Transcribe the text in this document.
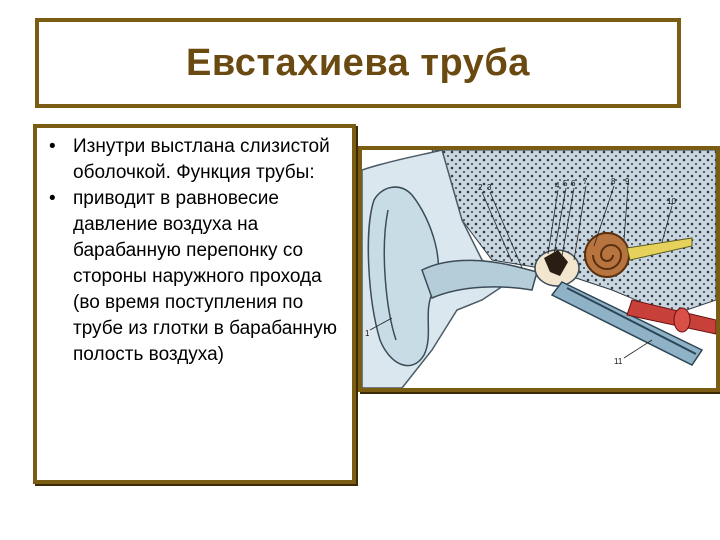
Евстахиева труба
• Изнутри выстлана слизистой оболочкой. Функция трубы:
• приводит в равновесие давление воздуха на барабанную перепонку со стороны наружного прохода (во время поступления по трубе из глотки в барабанную полость воздуха)
1
2 3	4 5 6 7	8 9
10
11
